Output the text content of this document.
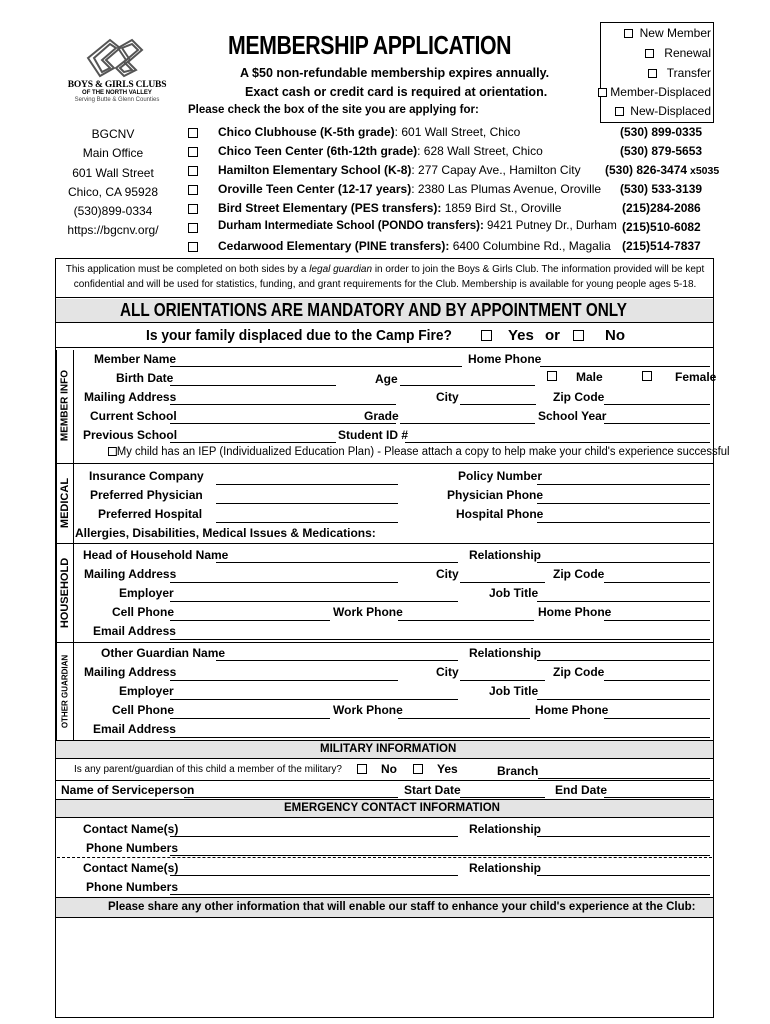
BOYS & GIRLS CLUBS
OF THE NORTH VALLEY
Serving Butte & Glenn Counties
MEMBERSHIP APPLICATION
A $50 non-refundable membership expires annually.
Exact cash or credit card is required at orientation.
Please check the box of the site you are applying for:
New Member
Renewal
Transfer
Member-Displaced
New-Displaced
BGCNV
Main Office
601 Wall Street
Chico, CA 95928
(530)899-0334
https://bgcnv.org/
Chico Clubhouse (K-5th grade): 601 Wall Street, Chico	(530) 899-0335
Chico Teen Center (6th-12th grade): 628 Wall Street, Chico	(530) 879-5653
Hamilton Elementary School (K-8): 277 Capay Ave., Hamilton City (530) 826-3474 x5035
Oroville Teen Center (12-17 years): 2380 Las Plumas Avenue, Oroville (530) 533-3139
Bird Street Elementary (PES transfers): 1859 Bird St., Oroville	(215)284-2086
Durham Intermediate School (PONDO transfers): 9421 Putney Dr., Durham (215)510-6082
Cedarwood Elementary (PINE transfers): 6400 Columbine Rd., Magalia (215)514-7837
This application must be completed on both sides by a legal guardian in order to join the Boys & Girls Club. The information provided will be kept
confidential and will be used for statistics, funding, and grant requirements for the Club. Membership is available for young people ages 5-18.
ALL ORIENTATIONS ARE MANDATORY AND BY APPOINTMENT ONLY
Is your family displaced due to the Camp Fire?	Yes or	No
MEMBER INFO
Member Name	Home Phone
Birth Date	Age	Male	Female
Mailing Address	City	Zip Code
Current School	Grade	School Year
Previous School	Student ID #
My child has an IEP (Individualized Education Plan) - Please attach a copy to help make your child's experience successful
MEDICAL
Insurance Company	Policy Number
Preferred Physician	Physician Phone
Preferred Hospital	Hospital Phone
Allergies, Disabilities, Medical Issues & Medications:
HOUSEHOLD
Head of Household Name	Relationship
Mailing Address	City	Zip Code
Employer	Job Title
Cell Phone	Work Phone	Home Phone
Email Address
OTHER GUARDIAN
Other Guardian Name	Relationship
Mailing Address	City	Zip Code
Employer	Job Title
Cell Phone	Work Phone	Home Phone
Email Address
MILITARY INFORMATION
Is any parent/guardian of this child a member of the military?	No	Yes	Branch
Name of Serviceperson	Start Date	End Date
EMERGENCY CONTACT INFORMATION
Contact Name(s)	Relationship
Phone Numbers
Contact Name(s)	Relationship
Phone Numbers
Please share any other information that will enable our staff to enhance your child's experience at the Club:
